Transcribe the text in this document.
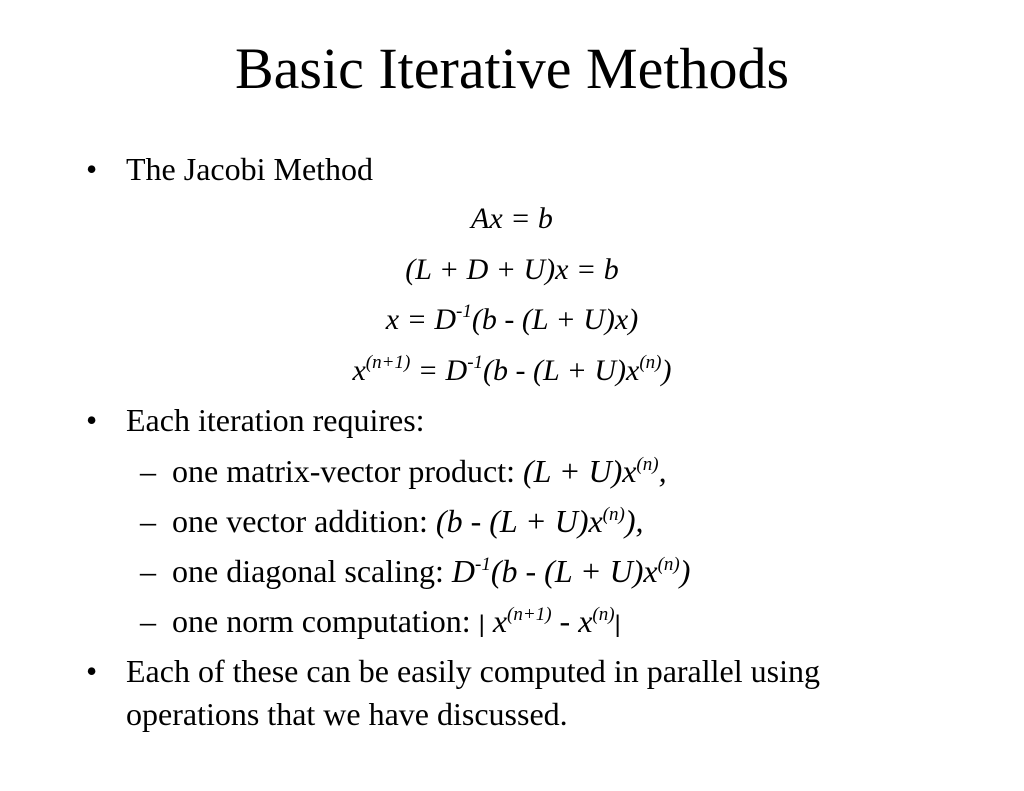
Basic Iterative Methods
• The Jacobi Method
Ax = b
(L + D + U)x = b
$x = D^{-1}(b - (L + U)x)$
$x^{(n+1)} = D^{-1}(b - (L + U)x^{(n)})$
• Each iteration requires:
– one matrix-vector product: $(L + U)x^{(n)}$,
– one vector addition: $(b - (L + U)x^{(n)})$,
– one diagonal scaling: $D^{-1}(b - (L + U)x^{(n)})$
– one norm computation: | $x^{(n+1)} - x^{(n)}|$
• Each of these can be easily computed in parallel using
operations that we have discussed.
